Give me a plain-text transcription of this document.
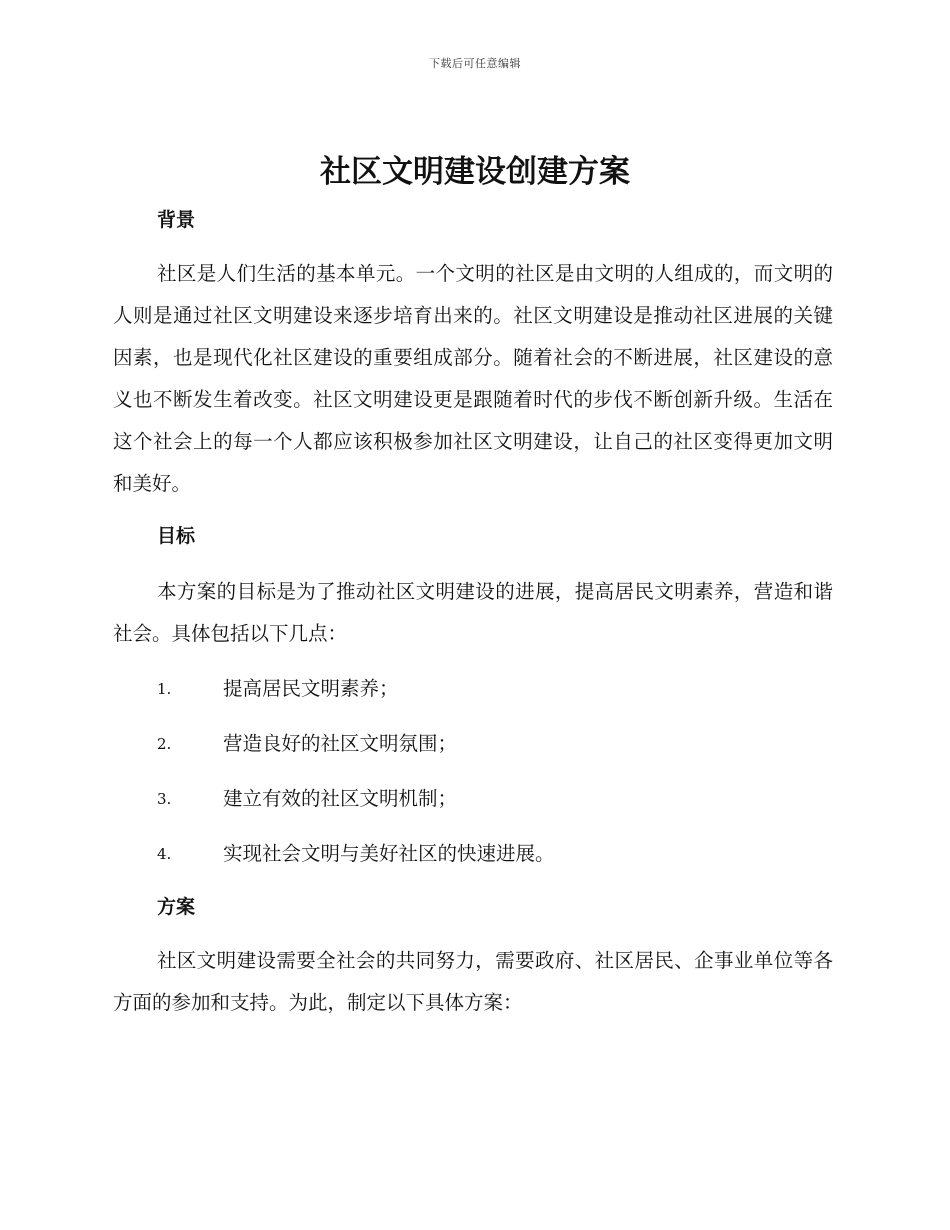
下载后可任意编辑
社区文明建设创建方案
背景

社区是人们生活的基本单元。一个文明的社区是由文明的人组成的，而文明的人则是通过社区文明建设来逐步培育出来的。社区文明建设是推动社区进展的关键因素，也是现代化社区建设的重要组成部分。随着社会的不断进展，社区建设的意义也不断发生着改变。社区文明建设更是跟随着时代的步伐不断创新升级。生活在这个社会上的每一个人都应该积极参加社区文明建设，让自己的社区变得更加文明和美好。

目标

本方案的目标是为了推动社区文明建设的进展，提高居民文明素养，营造和谐社会。具体包括以下几点：

1.	提高居民文明素养；
2.	营造良好的社区文明氛围；
3.	建立有效的社区文明机制；
4.	实现社会文明与美好社区的快速进展。
方案

社区文明建设需要全社会的共同努力，需要政府、社区居民、企事业单位等各方面的参加和支持。为此，制定以下具体方案：
